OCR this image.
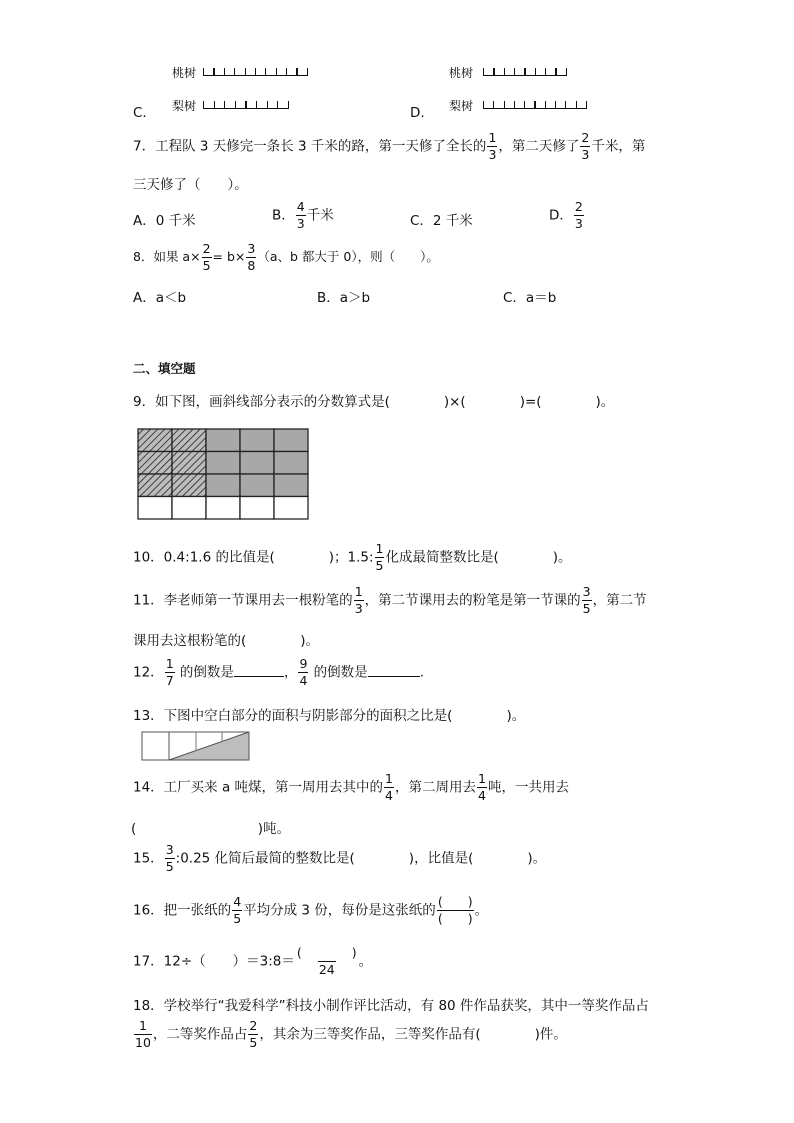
桃树
梨树
C.
桃树
梨树
D.
7．工程队 3 天修完一条长 3 千米的路，第一天修了全长的 $\frac{1}{3}$ ，第二天修了 $\frac{2}{3}$ 千米，第
三天修了（　　）。
A．0 千米	B． $\frac{4}{3}$ 千米	C．2 千米	D． $\frac{2}{3}$
8．如果 $a\times \frac{2}{5} = b\times \frac{3}{8} (a$、b 都大于 0），则（　　）。
A．a＜b	B．a＞b	C．a＝b
二、填空题
9．如下图，画斜线部分表示的分数算式是(　　　　)×(　　　　)=(　　　　)。
10．0.4:1.6 的比值是(　　　　)；1.5: $\frac{1}{5}$ 化成最简整数比是(　　　　)。
11．李老师第一节课用去一根粉笔的 $\frac{1}{3}$ ，第二节课用去的粉笔是第一节课的 $\frac{3}{5}$ ，第二节
课用去这根粉笔的(　　　　)。
12． $\frac{1}{7}$ 的倒数是	， $\frac{9}{4}$ 的倒数是	.
13．下图中空白部分的面积与阴影部分的面积之比是(　　　　)。
14．工厂买来 a 吨煤，第一周用去其中的 $\frac{1}{4}$ ，第二周用去 $\frac{1}{4}$ 吨，一共用去
(　　　　　　　　　)吨。
15． $\frac{3}{5}$ :0.25 化简后最简的整数比是(　　　　)，比值是(　　　　)。
16．把一张纸的 $\frac{4}{5}$ 平均分成 3 份，每份是这张纸的 $\frac{( )}{( )}$ 。
17．12÷（　　）＝3:8＝ $\frac{( )}{24}$ 。
18．学校举行“我爱科学”科技小制作评比活动，有 80 件作品获奖，其中一等奖作品占
$\frac{1}{10}$ ，二等奖作品占 $\frac{2}{5}$ ，其余为三等奖作品，三等奖作品有(　　　　)件。
